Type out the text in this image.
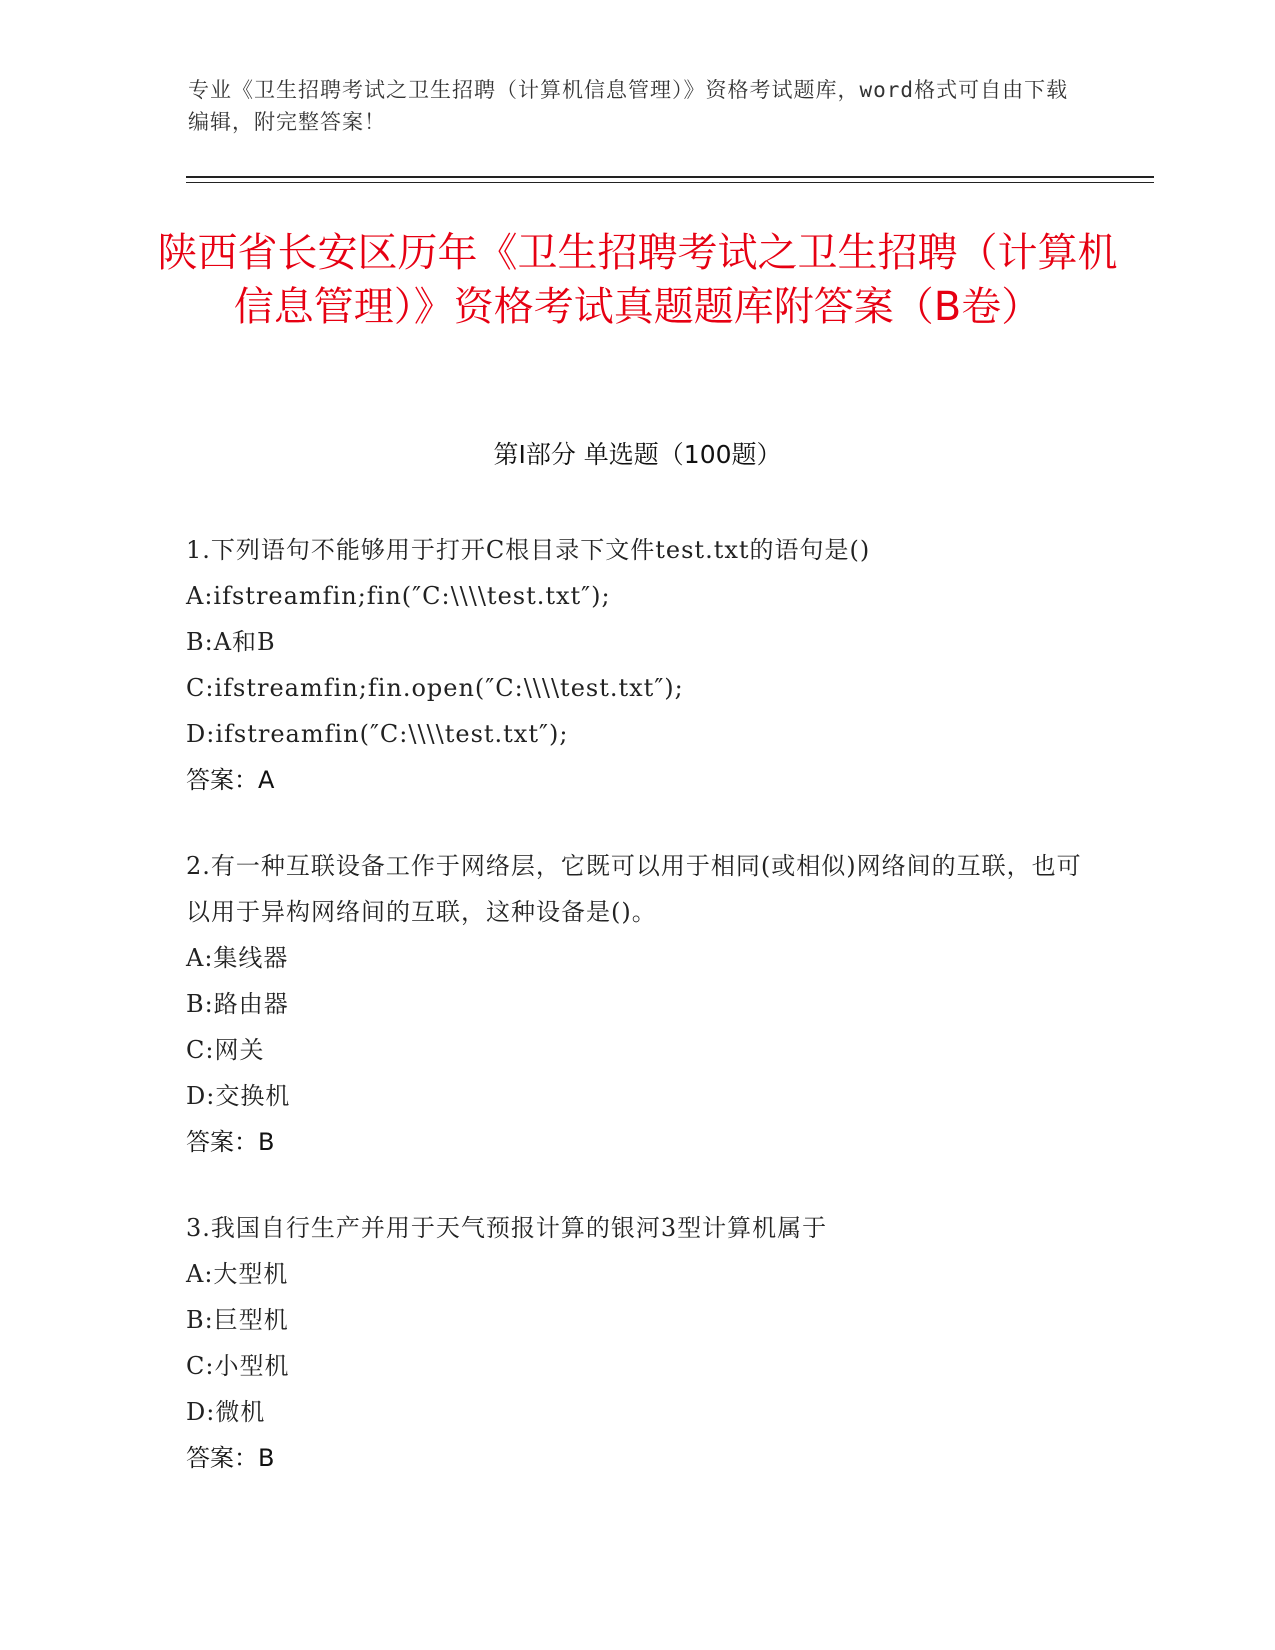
专业《卫生招聘考试之卫生招聘（计算机信息管理）》资格考试题库，word格式可自由下载编辑，附完整答案！

陕西省长安区历年《卫生招聘考试之卫生招聘（计算机信息管理）》资格考试真题题库附答案（B卷）
第I部分 单选题（100题）

1.下列语句不能够用于打开C根目录下文件test.txt的语句是()

A:ifstreamfin;fin(″C:\\\\test.txt″);

B:A和B

C:ifstreamfin;fin.open(″C:\\\\test.txt″);

D:ifstreamfin(″C:\\\\test.txt″);

答案：A

2.有一种互联设备工作于网络层，它既可以用于相同(或相似)网络间的互联，也可以用于异构网络间的互联，这种设备是()。

A:集线器

B:路由器

C:网关

D:交换机

答案：B

3.我国自行生产并用于天气预报计算的银河3型计算机属于

A:大型机

B:巨型机

C:小型机

D:微机

答案：B
